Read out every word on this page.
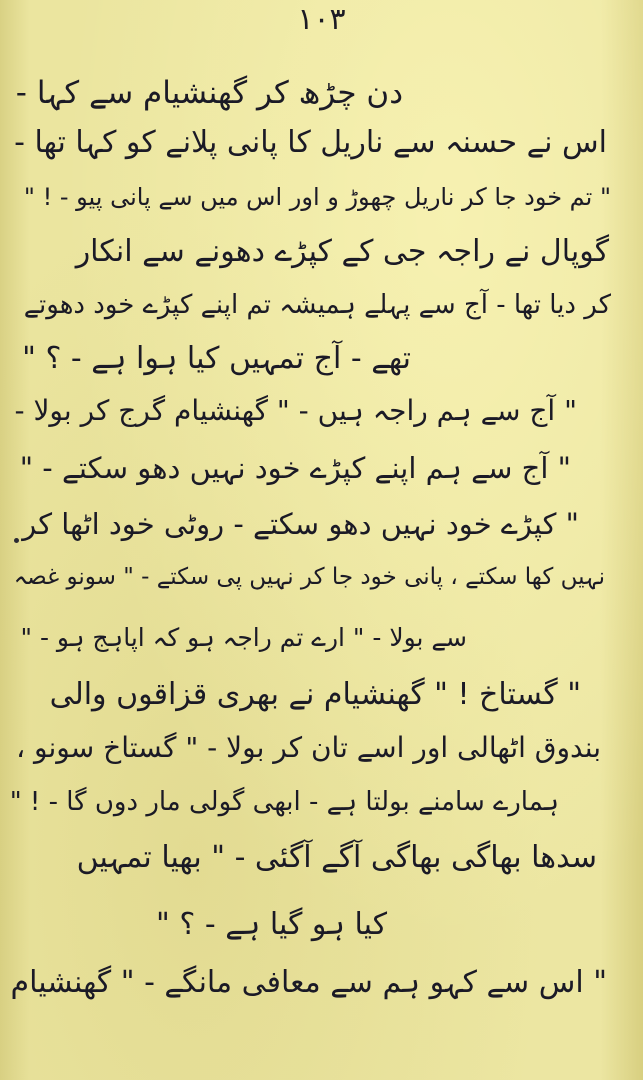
۱۰۳
دن چڑھ کر گھنشیام سے کہا -
اس نے حسنہ سے ناریل کا پانی پلانے کو کہا تھا -
" تم خود جا کر ناریل چھوڑ و اور اس میں سے پانی پیو - ! "
گوپال نے راجہ جی کے کپڑے دھونے سے انکار
کر دیا تھا - آج سے پہلے ہمیشہ تم اپنے کپڑے خود دھوتے
تھے - آج تمہیں کیا ہوا ہے - ؟ "
" آج سے ہم راجہ ہیں - " گھنشیام گرج کر بولا -
" آج سے ہم اپنے کپڑے خود نہیں دھو سکتے - "
" کپڑے خود نہیں دھو سکتے - روٹی خود اٹھا کر
نہیں کھا سکتے ، پانی خود جا کر نہیں پی سکتے - " سونو غصہ
سے بولا - " ارے تم راجہ ہو کہ اپاہج ہو - "
" گستاخ ! " گھنشیام نے بھری قزاقوں والی
بندوق اٹھالی اور اسے تان کر بولا - " گستاخ سونو ،
ہمارے سامنے بولتا ہے - ابھی گولی مار دوں گا - ! "
سدھا بھاگی بھاگی آگے آگئی - " بھیا تمہیں
کیا ہو گیا ہے - ؟ "
" اس سے کہو ہم سے معافی مانگے - " گھنشیام
